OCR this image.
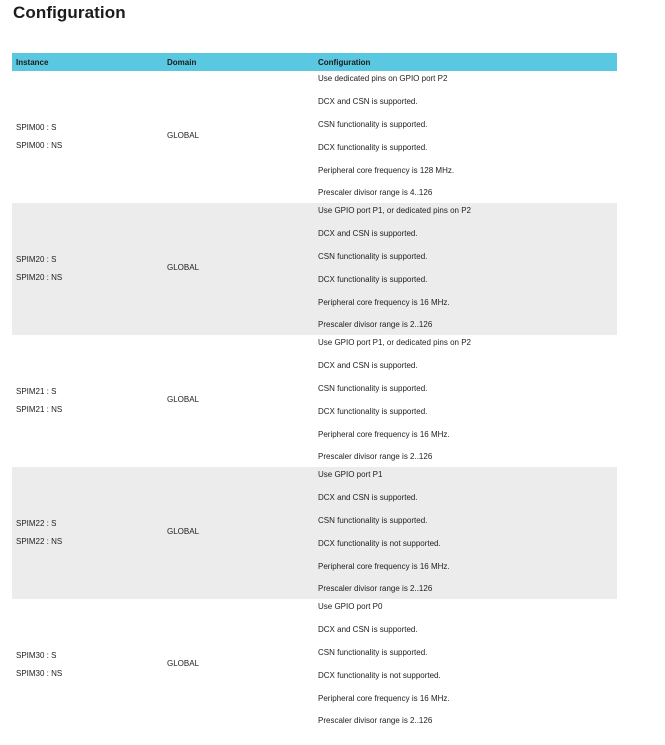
Configuration
Instance	Domain	Configuration
SPIM00 : S
SPIM00 : NS
GLOBAL
Use dedicated pins on GPIO port P2
DCX and CSN is supported.
CSN functionality is supported.
DCX functionality is supported.
Peripheral core frequency is 128 MHz.
Prescaler divisor range is 4..126
SPIM20 : S
SPIM20 : NS
GLOBAL
Use GPIO port P1, or dedicated pins on P2
DCX and CSN is supported.
CSN functionality is supported.
DCX functionality is supported.
Peripheral core frequency is 16 MHz.
Prescaler divisor range is 2..126
SPIM21 : S
SPIM21 : NS
GLOBAL
Use GPIO port P1, or dedicated pins on P2
DCX and CSN is supported.
CSN functionality is supported.
DCX functionality is supported.
Peripheral core frequency is 16 MHz.
Prescaler divisor range is 2..126
SPIM22 : S
SPIM22 : NS
GLOBAL
Use GPIO port P1
DCX and CSN is supported.
CSN functionality is supported.
DCX functionality is not supported.
Peripheral core frequency is 16 MHz.
Prescaler divisor range is 2..126
SPIM30 : S
SPIM30 : NS
GLOBAL
Use GPIO port P0
DCX and CSN is supported.
CSN functionality is supported.
DCX functionality is not supported.
Peripheral core frequency is 16 MHz.
Prescaler divisor range is 2..126
